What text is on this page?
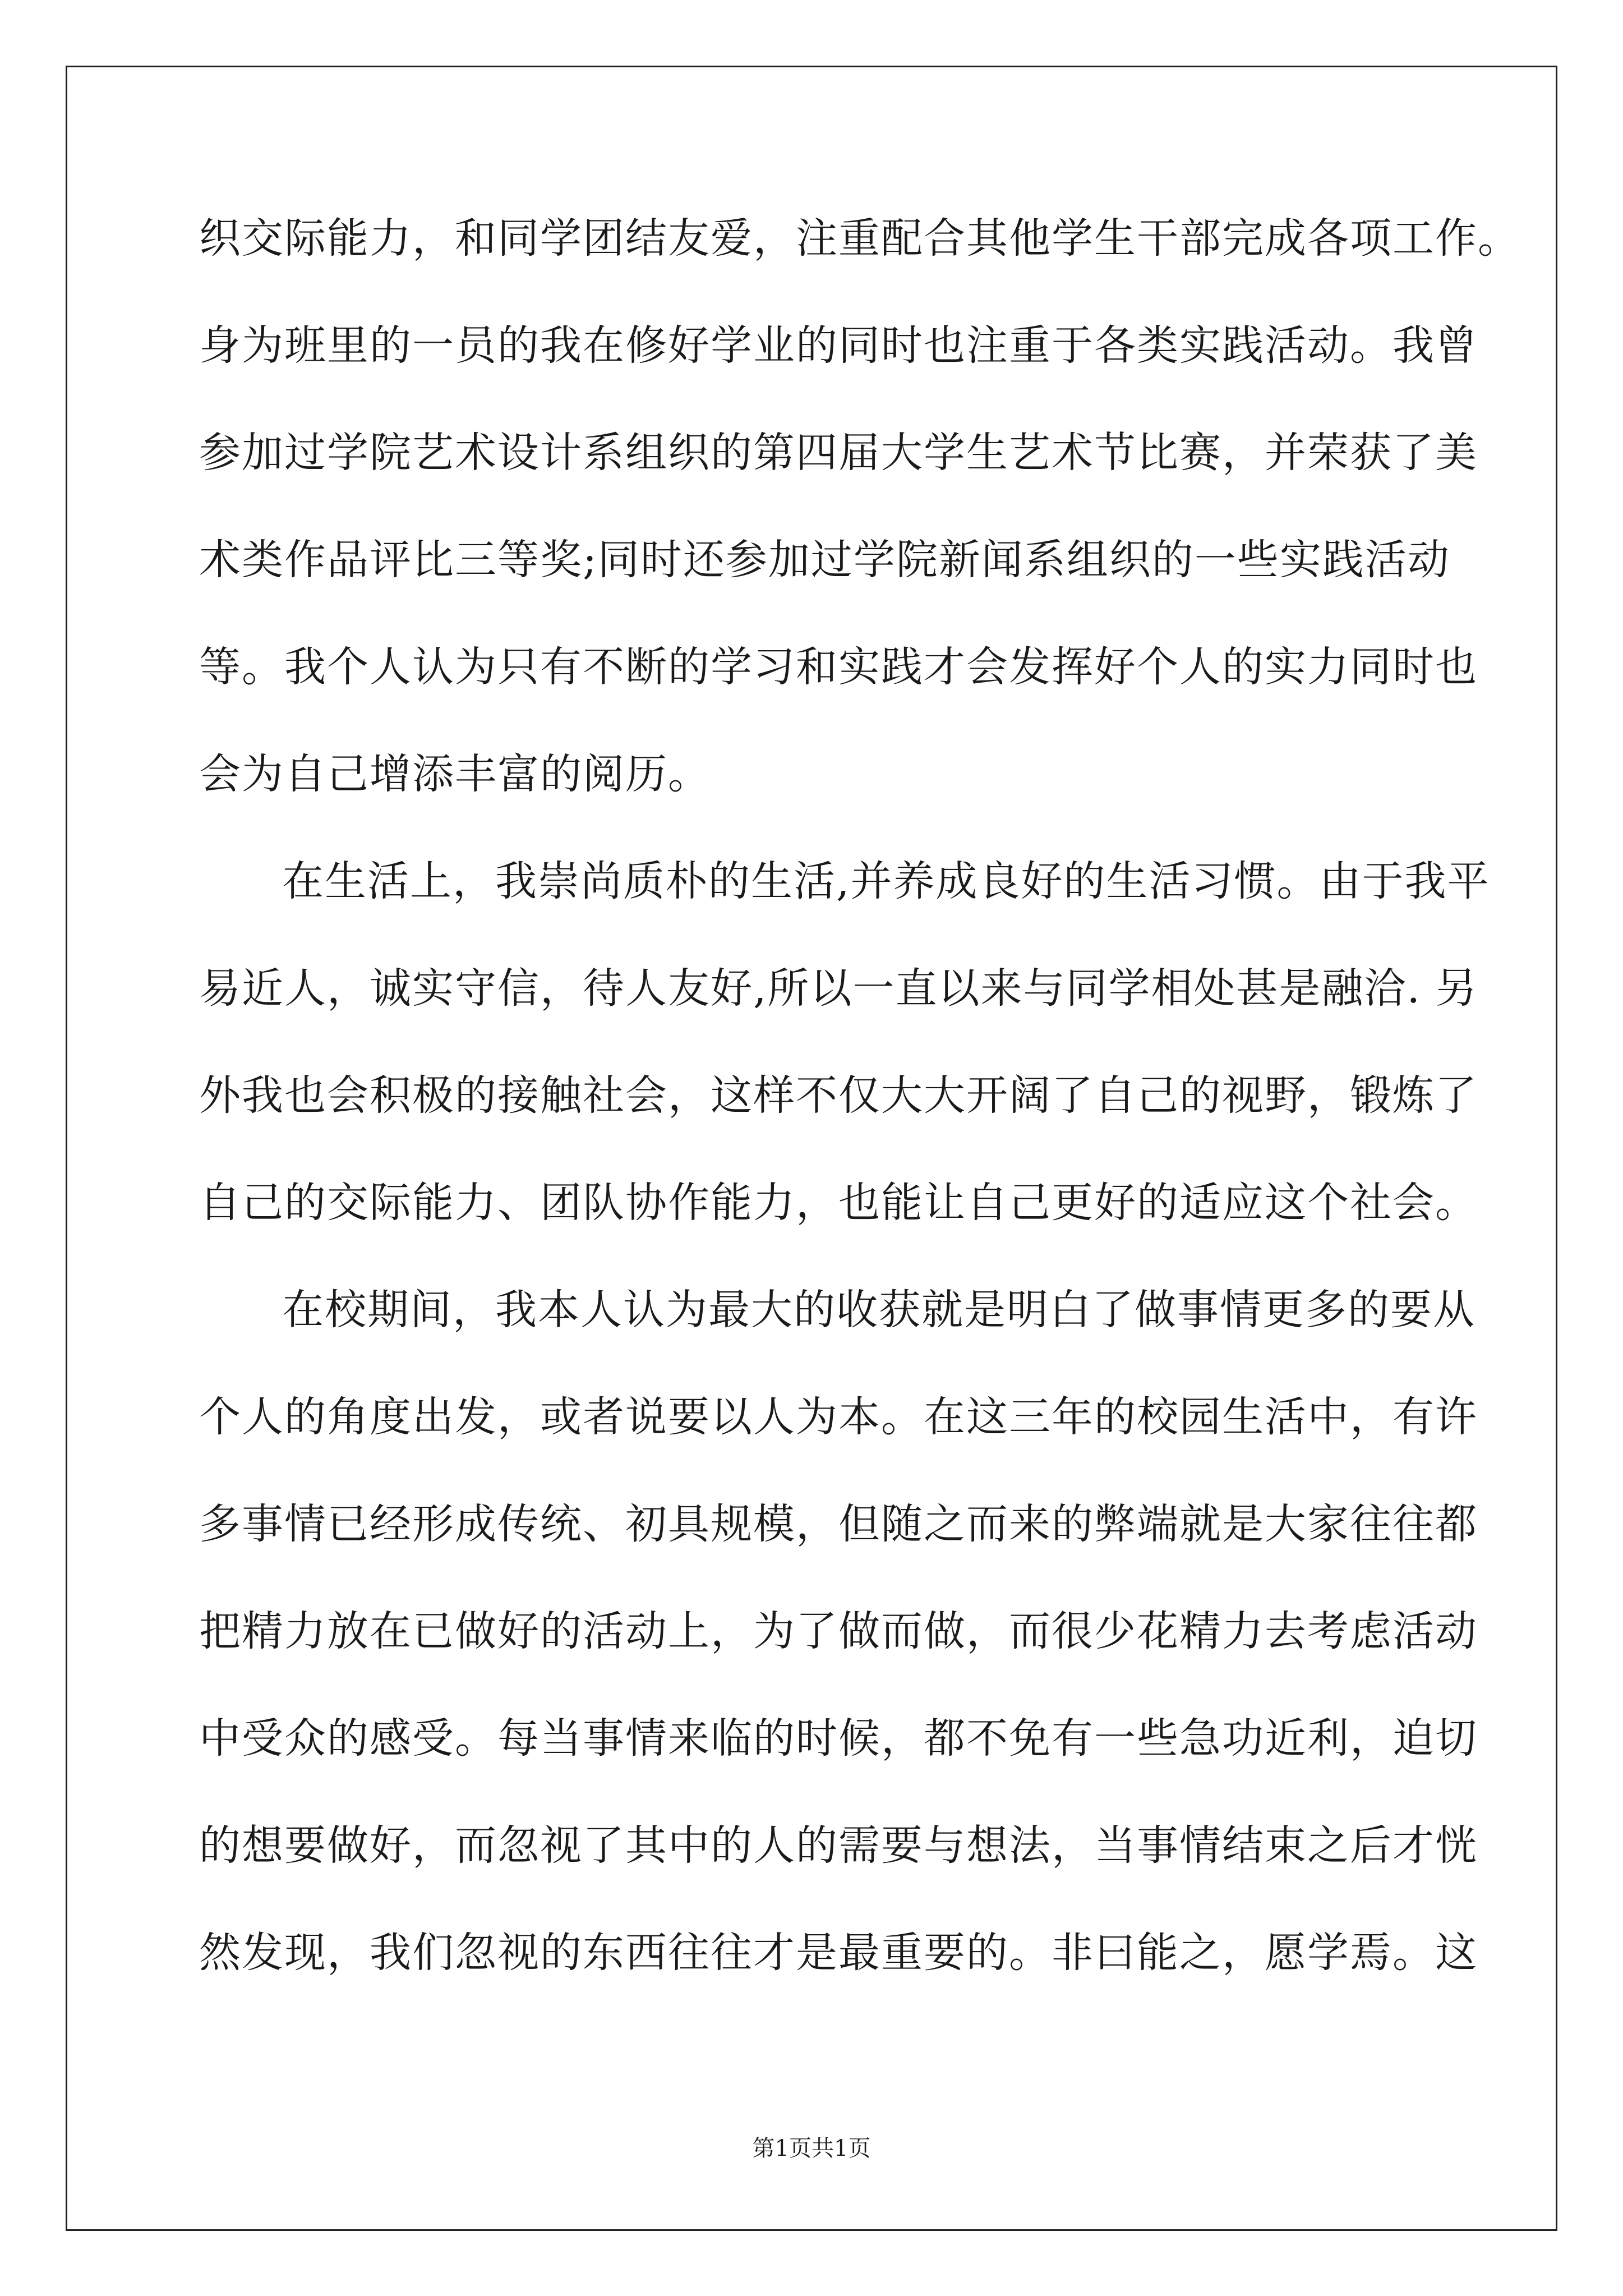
织交际能力，和同学团结友爱，注重配合其他学生干部完成各项工作。
身为班里的一员的我在修好学业的同时也注重于各类实践活动。我曾
参加过学院艺术设计系组织的第四届大学生艺术节比赛，并荣获了美
术类作品评比三等奖;同时还参加过学院新闻系组织的一些实践活动
等。我个人认为只有不断的学习和实践才会发挥好个人的实力同时也
会为自己增添丰富的阅历。
在生活上，我崇尚质朴的生活,并养成良好的生活习惯。由于我平
易近人，诚实守信，待人友好,所以一直以来与同学相处甚是融洽. 另
外我也会积极的接触社会，这样不仅大大开阔了自己的视野，锻炼了
自己的交际能力、团队协作能力，也能让自己更好的适应这个社会。
在校期间，我本人认为最大的收获就是明白了做事情更多的要从
个人的角度出发，或者说要以人为本。在这三年的校园生活中，有许
多事情已经形成传统、初具规模，但随之而来的弊端就是大家往往都
把精力放在已做好的活动上，为了做而做，而很少花精力去考虑活动
中受众的感受。每当事情来临的时候，都不免有一些急功近利，迫切
的想要做好，而忽视了其中的人的需要与想法，当事情结束之后才恍
然发现，我们忽视的东西往往才是最重要的。非曰能之，愿学焉。这
第1页共1页
